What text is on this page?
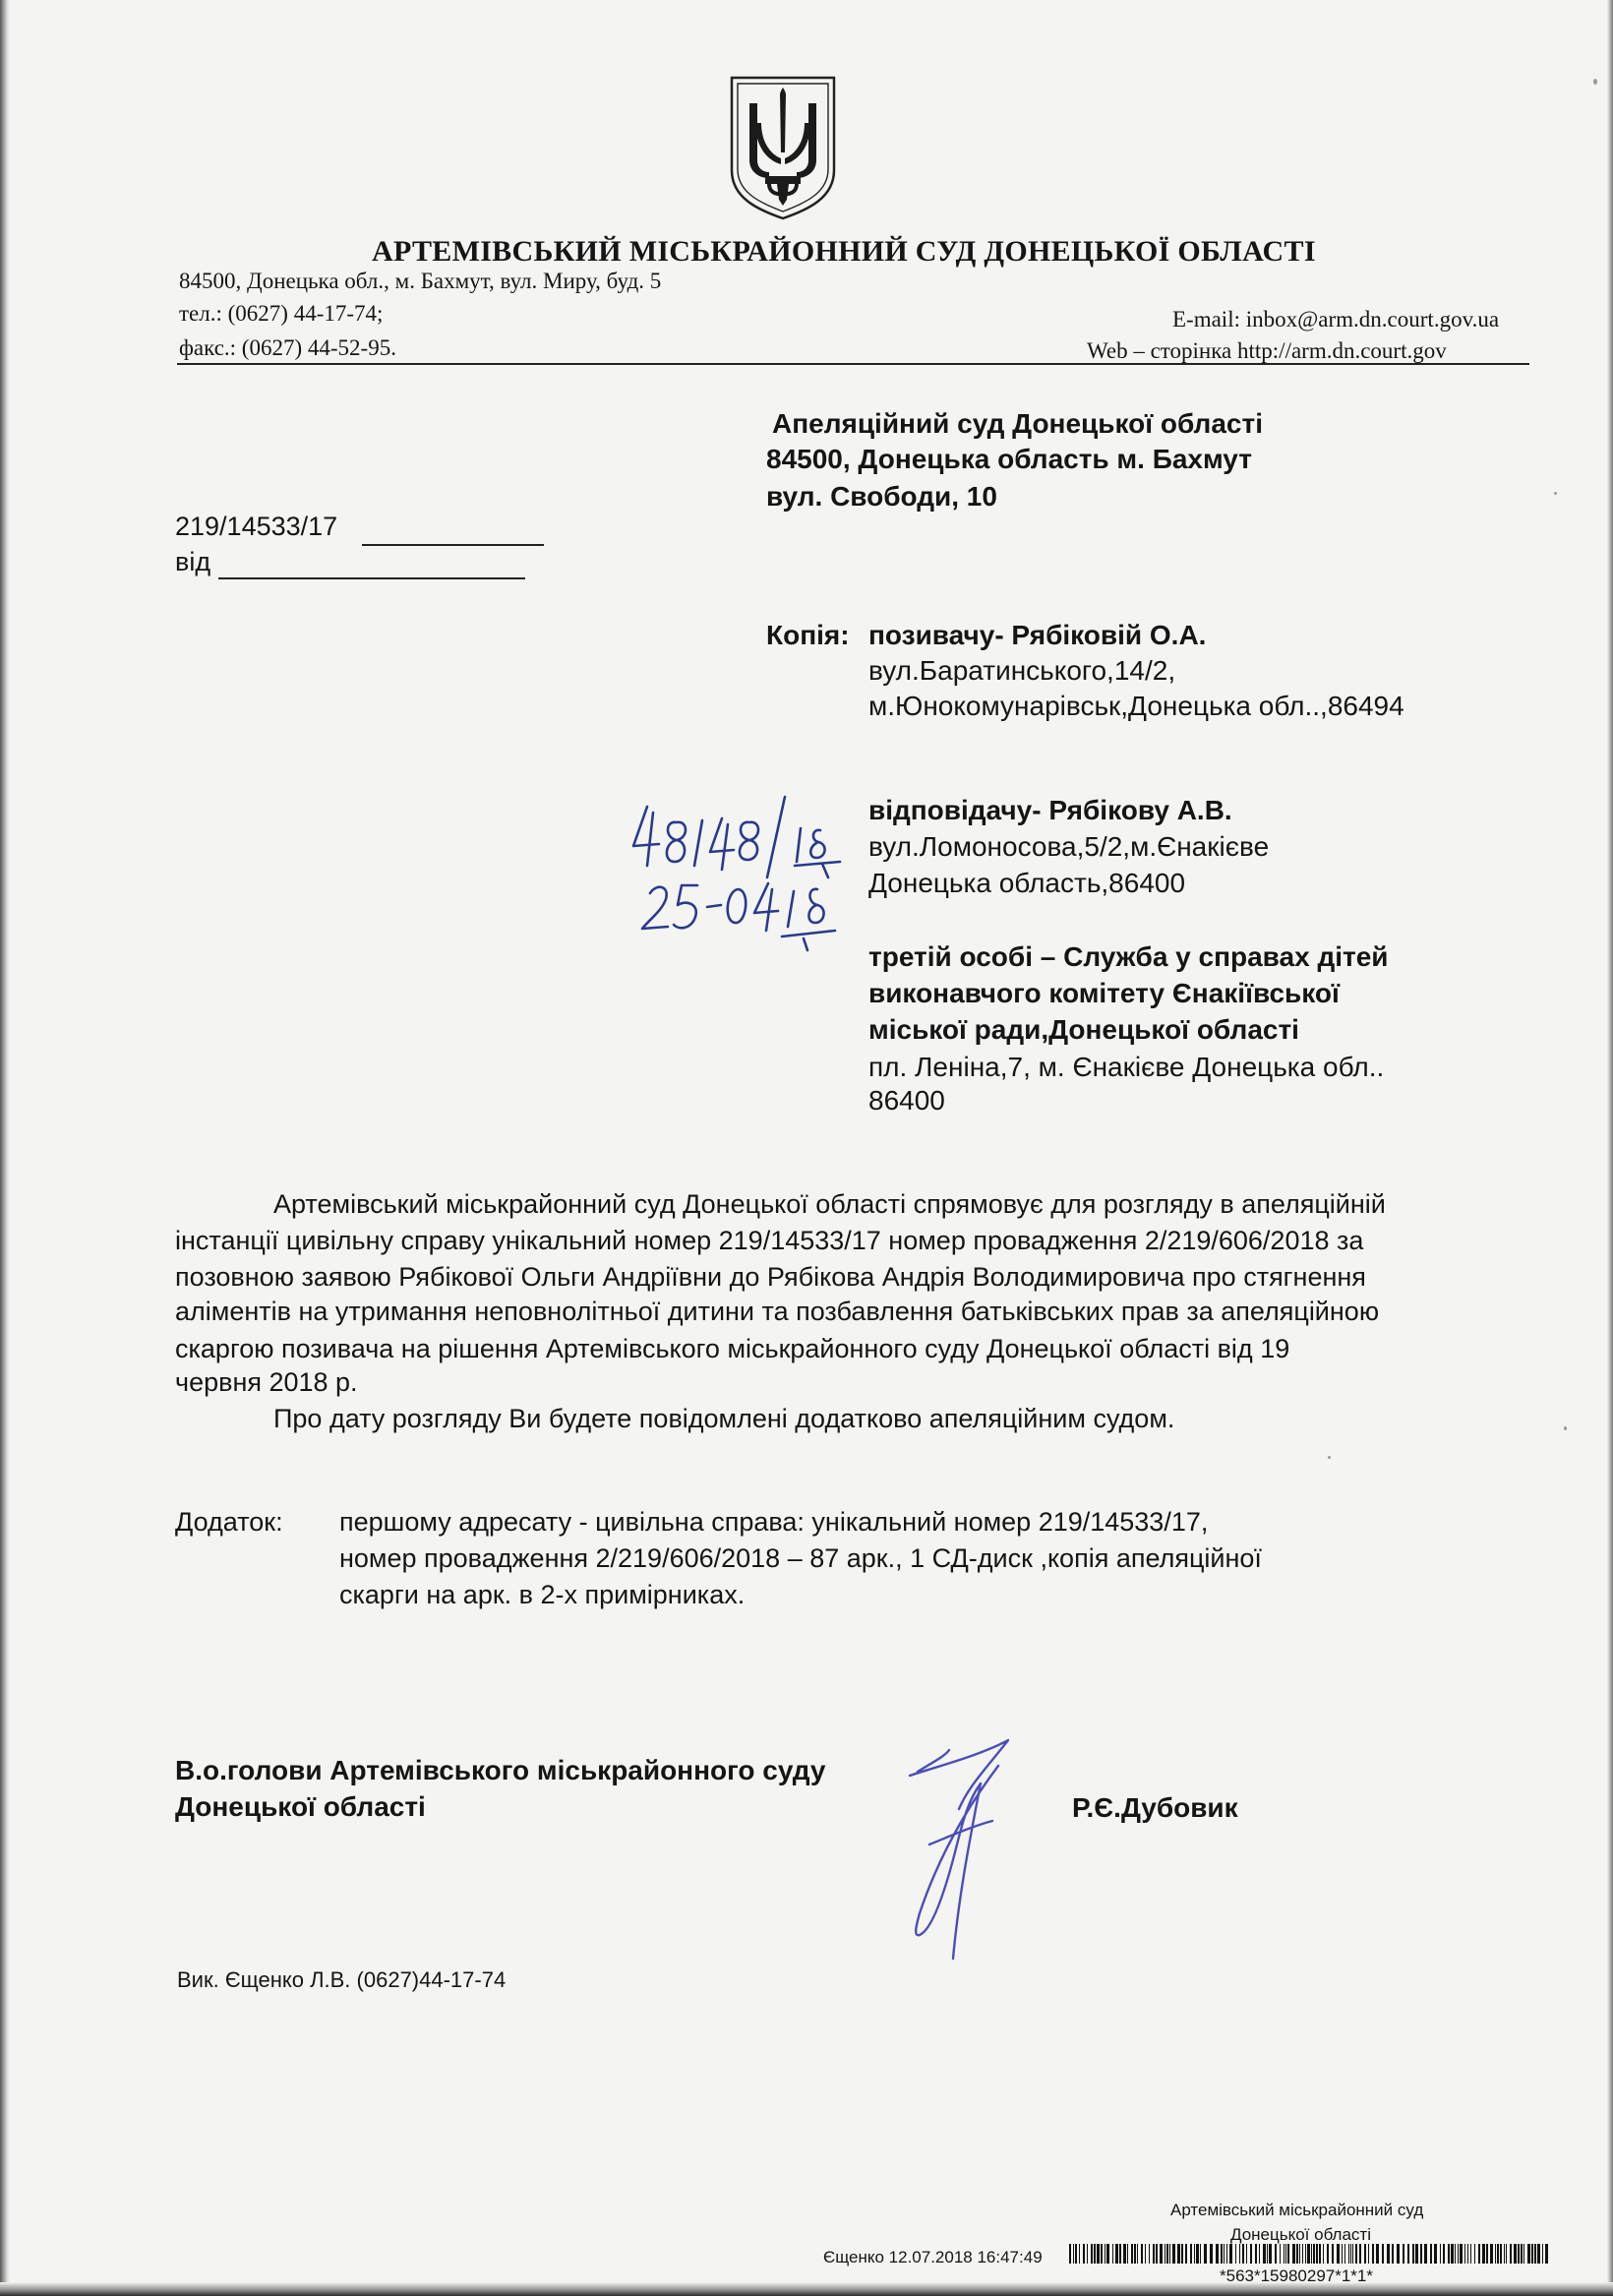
АРТЕМІВСЬКИЙ МІСЬКРАЙОННИЙ СУД ДОНЕЦЬКОЇ ОБЛАСТІ
84500, Донецька обл., м. Бахмут, вул. Миру, буд. 5
тел.: (0627) 44-17-74;
факс.: (0627) 44-52-95.
E-mail: inbox@arm.dn.court.gov.ua
Web – сторінка http://arm.dn.court.gov
Апеляційний суд Донецької області
84500, Донецька область м. Бахмут
вул. Свободи, 10
219/14533/17
від
Копія: позивачу- Рябіковій О.А.
вул.Баратинського,14/2,
м.Юнокомунарівськ,Донецька обл..,86494
відповідачу- Рябікову А.В.
вул.Ломоносова,5/2,м.Єнакієве
Донецька область,86400
третій особі – Служба у справах дітей
виконавчого комітету Єнакіївської
міської ради,Донецької області
пл. Леніна,7, м. Єнакієве Донецька обл..
86400
Артемівський міськрайонний суд Донецької області спрямовує для розгляду в апеляційній
інстанції цивільну справу унікальний номер 219/14533/17 номер провадження 2/219/606/2018 за
позовною заявою Рябікової Ольги Андріївни до Рябікова Андрія Володимировича про стягнення
аліментів на утримання неповнолітньої дитини та позбавлення батьківських прав за апеляційною
скаргою позивача на рішення Артемівського міськрайонного суду Донецької області від 19
червня 2018 р.
Про дату розгляду Ви будете повідомлені додатково апеляційним судом.
Додаток: першому адресату - цивільна справа: унікальний номер 219/14533/17,
номер провадження 2/219/606/2018 – 87 арк., 1 СД-диск ,копія апеляційної
скарги на арк. в 2-х примірниках.
В.о.голови Артемівського міськрайонного суду
Донецької області	Р.Є.Дубовик
Вик. Єщенко Л.В. (0627)44-17-74
Артемівський міськрайонний суд
Донецької області
Єщенко 12.07.2018 16:47:49
*563*15980297*1*1*
